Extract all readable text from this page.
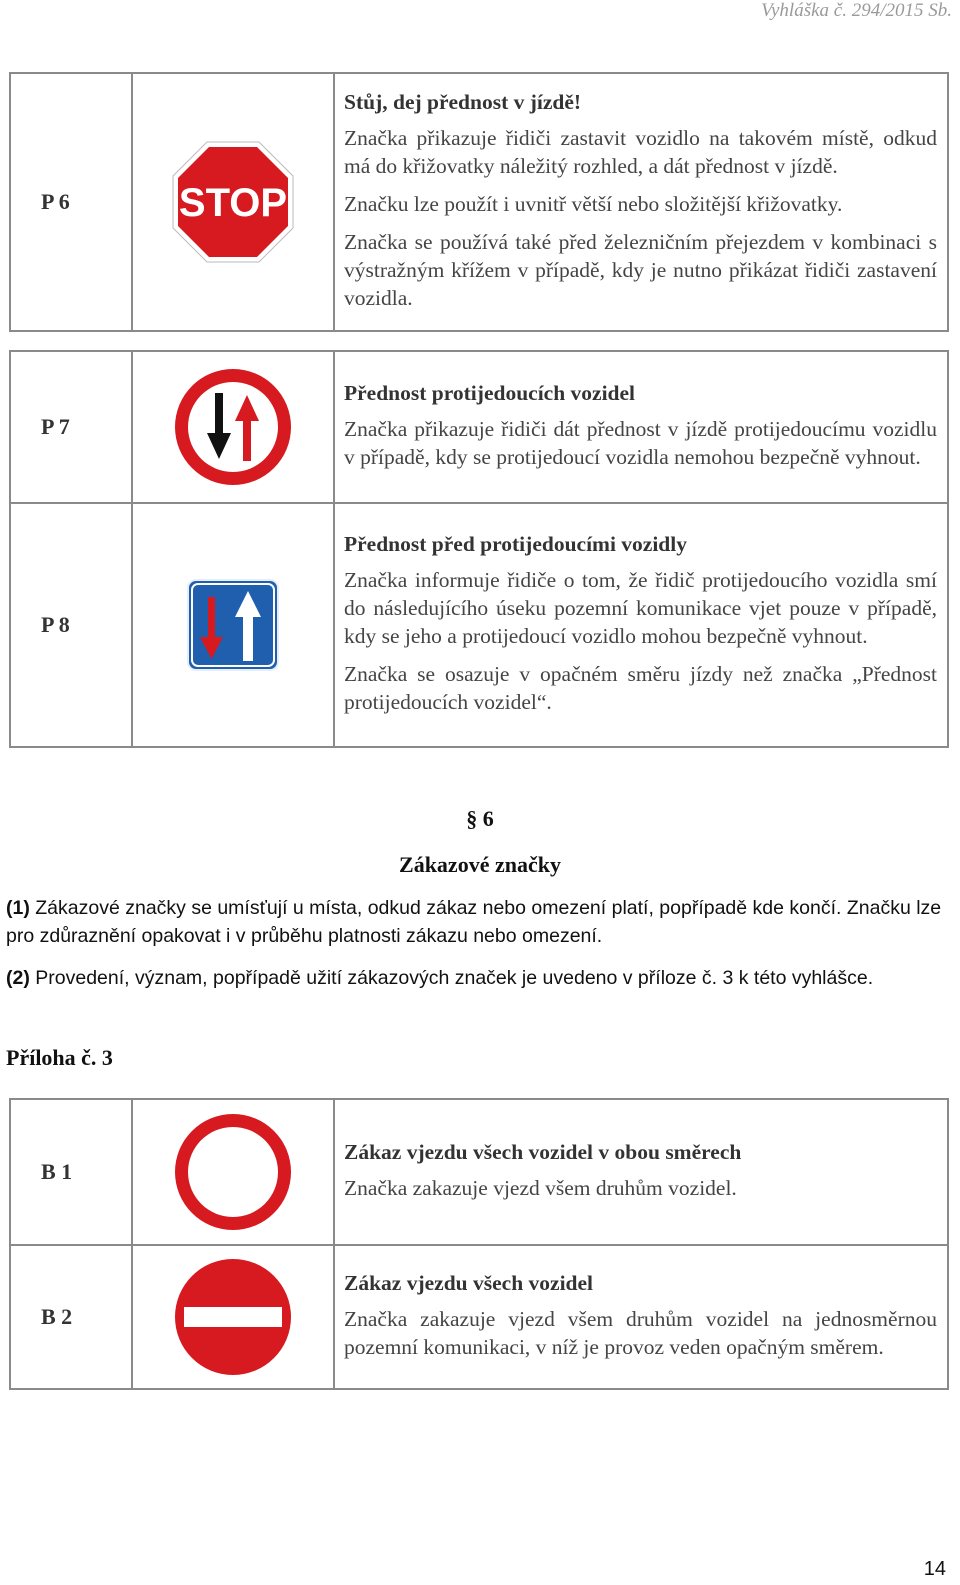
Vyhláška č. 294/2015 Sb.
P 6	STOP

Stůj, dej přednost v jízdě!
Značka přikazuje řidiči zastavit vozidlo na takovém místě, odkud má do křižovatky náležitý rozhled, a dát přednost v jízdě.
Značku lze použít i uvnitř větší nebo složitější křižovatky.
Značka se používá také před železničním přejezdem v kombinaci s výstražným křížem v případě, kdy je nutno přikázat řidiči zastavení vozidla.
P 7		Přednost protijedoucích vozidel
Značka přikazuje řidiči dát přednost v jízdě protijedoucímu vozidlu v případě, kdy se protijedoucí vozidla nemohou bezpečně vyhnout.

P 8		Přednost před protijedoucími vozidly
Značka informuje řidiče o tom, že řidič protijedoucího vozidla smí do následujícího úseku pozemní komunikace vjet pouze v případě, kdy se jeho a protijedoucí vozidlo mohou bezpečně vyhnout.
Značka se osazuje v opačném směru jízdy než značka „Přednost protijedoucích vozidel“.
§ 6
Zákazové značky
(1) Zákazové značky se umísťují u místa, odkud zákaz nebo omezení platí, popřípadě kde končí. Značku lze pro zdůraznění opakovat i v průběhu platnosti zákazu nebo omezení.
(2) Provedení, význam, popřípadě užití zákazových značek je uvedeno v příloze č. 3 k této vyhlášce.
Příloha č. 3
B 1		Zákaz vjezdu všech vozidel v obou směrech
Značka zakazuje vjezd všem druhům vozidel.

B 2		Zákaz vjezdu všech vozidel
Značka zakazuje vjezd všem druhům vozidel na jednosměrnou pozemní komunikaci, v níž je provoz veden opačným směrem.
14
